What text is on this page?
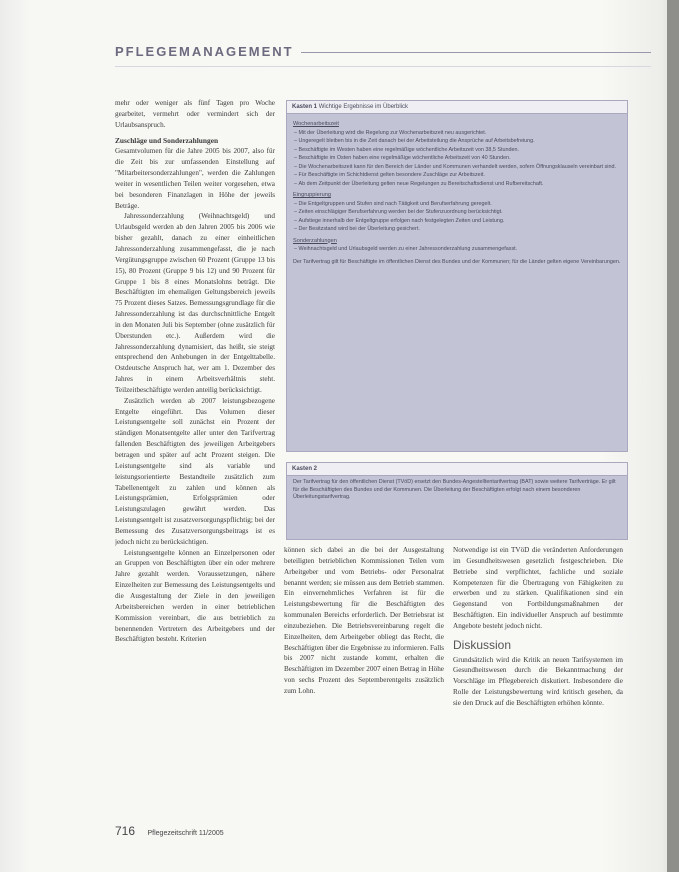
PFLEGEMANAGEMENT

mehr oder weniger als fünf Tagen pro Woche gearbeitet, vermehrt oder vermindert sich der Urlaubsanspruch.

Zuschläge und Sonderzahlungen

Gesamtvolumen für die Jahre 2005 bis 2007, also für die Zeit bis zur umfassenden Einstellung auf "Mitarbeitersonderzahlungen", werden die Zahlungen weiter in wesentlichen Teilen weiter vorgesehen, etwa bei besonderen Finanzlagen in Höhe der jeweils Beträge.

Jahressonderzahlung (Weihnachtsgeld) und Urlaubsgeld werden ab den Jahren 2005 bis 2006 wie bisher gezahlt, danach zu einer einheitlichen Jahressonderzahlung zusammengefasst, die je nach Vergütungsgruppe zwischen 60 Prozent (Gruppe 13 bis 15), 80 Prozent (Gruppe 9 bis 12) und 90 Prozent für Gruppe 1 bis 8 eines Monatslohns beträgt. Die Beschäftigten im ehemaligen Geltungsbereich jeweils 75 Prozent dieses Satzes. Bemessungsgrundlage für die Jahressonderzahlung ist das durchschnittliche Entgelt in den Monaten Juli bis September (ohne zusätzlich für Überstunden etc.). Außerdem wird die Jahressonderzahlung dynamisiert, das heißt, sie steigt entsprechend den Anhebungen in der Entgelttabelle. Ostdeutsche Anspruch hat, wer am 1. Dezember des Jahres in einem Arbeitsverhältnis steht. Teilzeitbeschäftigte werden anteilig berücksichtigt.

Zusätzlich werden ab 2007 leistungsbezogene Entgelte eingeführt. Das Volumen dieser Leistungsentgelte soll zunächst ein Prozent der ständigen Monatsentgelte aller unter den Tarifvertrag fallenden Beschäftigten des jeweiligen Arbeitgebers betragen und später auf acht Prozent steigen. Die Leistungsentgelte sind als variable und leistungsorientierte Bestandteile zusätzlich zum Tabellenentgelt zu zahlen und können als Leistungsprämien, Erfolgsprämien oder Leistungszulagen gewährt werden. Das Leistungsentgelt ist zusatzversorgungspflichtig; bei der Bemessung des Zusatzversorgungsbeitrags ist es jedoch nicht zu berücksichtigen.

Leistungsentgelte können an Einzelpersonen oder an Gruppen von Beschäftigten über ein oder mehrere Jahre gezahlt werden. Voraussetzungen, nähere Einzelheiten zur Bemessung des Leistungsentgelts und die Ausgestaltung der Ziele in den jeweiligen Arbeitsbereichen werden in einer betrieblichen Kommission vereinbart, die aus betrieblich zu benennenden Vertretern des Arbeitgebers und der Beschäftigten besteht. Kriterien

Kasten 1 Wichtige Ergebnisse im Überblick
Wochenarbeitszeit
– Mit der Überleitung wird die Regelung zur Wochenarbeitszeit neu ausgerichtet.
– Ungeregelt bleiben bis in die Zeit danach bei der Arbeitsteilung die Ansprüche auf Arbeitsbefreiung.
– Beschäftigte im Westen haben eine regelmäßige wöchentliche Arbeitszeit von 38,5 Stunden.
– Beschäftigte im Osten haben eine regelmäßige wöchentliche Arbeitszeit von 40 Stunden.
– Die Wochenarbeitszeit kann für den Bereich der Länder und Kommunen verhandelt werden, sofern Öffnungsklauseln vereinbart sind.
– Für Beschäftigte im Schichtdienst gelten besondere Zuschläge zur Arbeitszeit.
– Ab dem Zeitpunkt der Überleitung gelten neue Regelungen zu Bereitschaftsdienst und Rufbereitschaft.
Eingruppierung
– Die Entgeltgruppen und Stufen sind nach Tätigkeit und Berufserfahrung geregelt.
– Zeiten einschlägiger Berufserfahrung werden bei der Stufenzuordnung berücksichtigt.
– Aufstiege innerhalb der Entgeltgruppe erfolgen nach festgelegten Zeiten und Leistung.
– Der Besitzstand wird bei der Überleitung gesichert.
Sonderzahlungen
– Weihnachtsgeld und Urlaubsgeld werden zu einer Jahressonderzahlung zusammengefasst.
Der Tarifvertrag gilt für Beschäftigte im öffentlichen Dienst des Bundes und der Kommunen; für die Länder gelten eigene Vereinbarungen.
Kasten 2
Der Tarifvertrag für den öffentlichen Dienst (TVöD) ersetzt den Bundes-Angestelltentarifvertrag (BAT) sowie weitere Tarifverträge. Er gilt für die Beschäftigten des Bundes und der Kommunen. Die Überleitung der Beschäftigten erfolgt nach einem besonderen Überleitungstarifvertrag.

können sich dabei an die bei der Ausgestaltung beteiligten betrieblichen Kommissionen Teilen vom Arbeitgeber und vom Betriebs- oder Personalrat benannt werden; sie müssen aus dem Betrieb stammen. Ein einvernehmliches Verfahren ist für die Leistungsbewertung für die Beschäftigten des kommunalen Bereichs erforderlich. Der Betriebsrat ist einzubeziehen. Die Betriebsvereinbarung regelt die Einzelheiten, dem Arbeitgeber obliegt das Recht, die Beschäftigten über die Ergebnisse zu informieren. Falls bis 2007 nicht zustande kommt, erhalten die Beschäftigten im Dezember 2007 einen Betrag in Höhe von sechs Prozent des Septemberentgelts zusätzlich zum Lohn.

Notwendige ist ein TVöD die veränderten Anforderungen im Gesundheitswesen gesetzlich festgeschrieben. Die Betriebe sind verpflichtet, fachliche und soziale Kompetenzen für die Übertragung von Fähigkeiten zu erwerben und zu stärken. Qualifikationen sind ein Gegenstand von Fortbildungsmaßnahmen der Beschäftigten. Ein individueller Anspruch auf bestimmte Angebote besteht jedoch nicht.

Diskussion

Grundsätzlich wird die Kritik an neuen Tarifsystemen im Gesundheitswesen durch die Bekanntmachung der Vorschläge im Pflegebereich diskutiert. Insbesondere die Rolle der Leistungsbewertung wird kritisch gesehen, da sie den Druck auf die Beschäftigten erhöhen könnte.

716 Pflegezeitschrift 11/2005
